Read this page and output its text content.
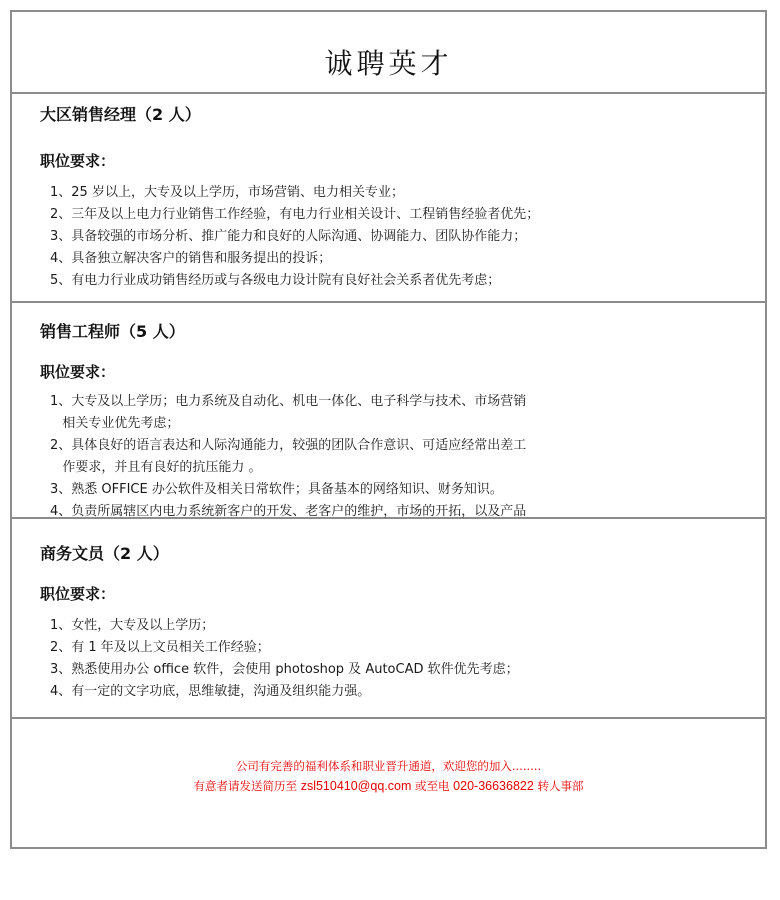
诚聘英才
大区销售经理（2 人）
职位要求：
1、25 岁以上，大专及以上学历，市场营销、电力相关专业；
2、三年及以上电力行业销售工作经验，有电力行业相关设计、工程销售经验者优先；
3、具备较强的市场分析、推广能力和良好的人际沟通、协调能力、团队协作能力；
4、具备独立解决客户的销售和服务提出的投诉；
5、有电力行业成功销售经历或与各级电力设计院有良好社会关系者优先考虑；
销售工程师（5 人）
职位要求：
1、大专及以上学历；电力系统及自动化、机电一体化、电子科学与技术、市场营销
相关专业优先考虑；
2、具体良好的语言表达和人际沟通能力，较强的团队合作意识、可适应经常出差工
作要求，并且有良好的抗压能力 。
3、熟悉 OFFICE 办公软件及相关日常软件；具备基本的网络知识、财务知识。
4、负责所属辖区内电力系统新客户的开发、老客户的维护，市场的开拓，以及产品
商务文员（2 人）
职位要求：
1、女性，大专及以上学历；
2、有 1 年及以上文员相关工作经验；
3、熟悉使用办公 office 软件，会使用 photoshop 及 AutoCAD 软件优先考虑；
4、有一定的文字功底，思维敏捷，沟通及组织能力强。

公司有完善的福利体系和职业晋升通道，欢迎您的加入........

有意者请发送简历至 zsl510410@qq.com 或至电 020-36636822 转人事部
